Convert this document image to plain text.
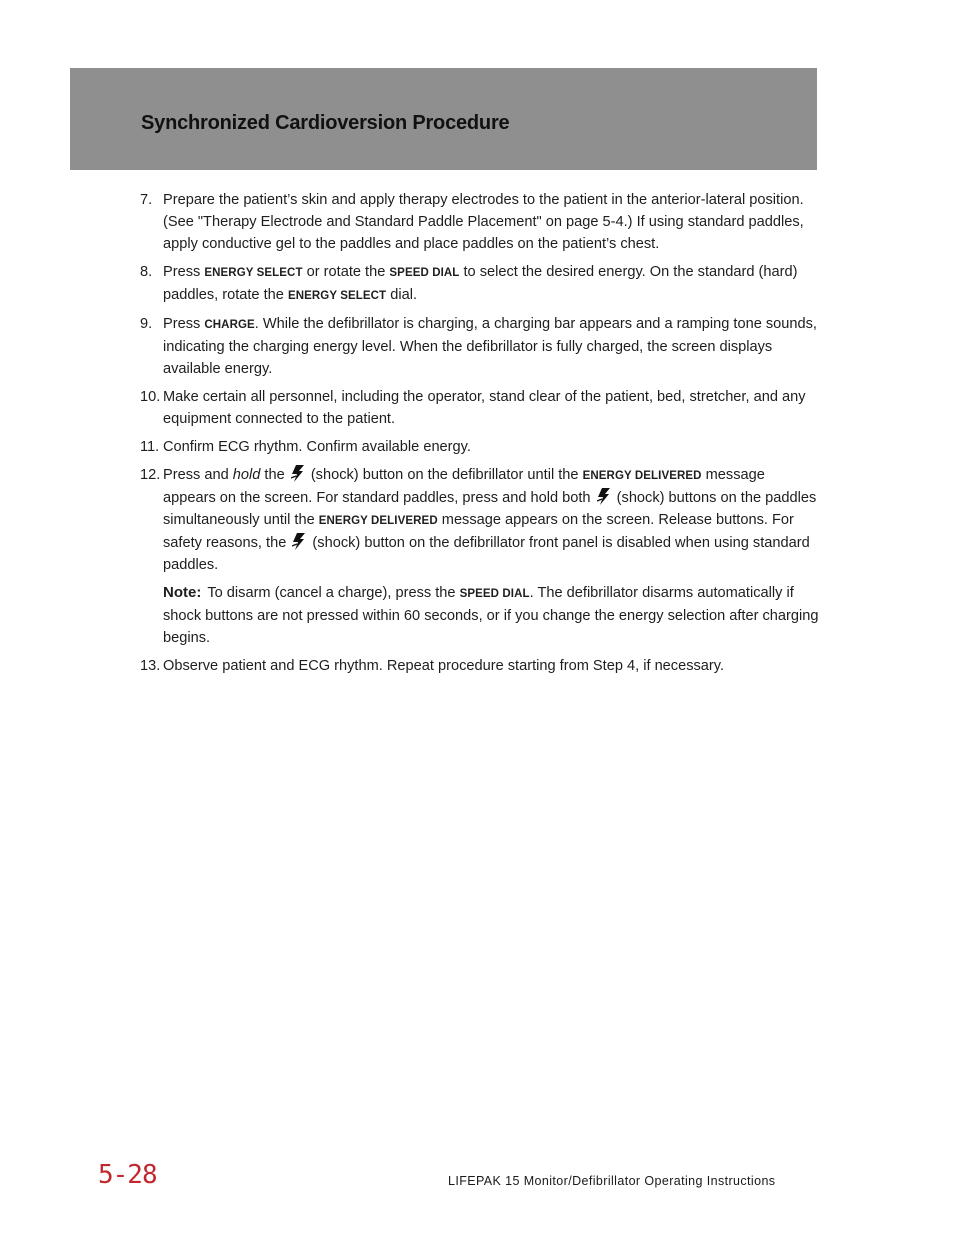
Synchronized Cardioversion Procedure
7. Prepare the patient’s skin and apply therapy electrodes to the patient in the anterior-lateral position. (See "Therapy Electrode and Standard Paddle Placement" on page 5-4.) If using standard paddles, apply conductive gel to the paddles and place paddles on the patient’s chest.
8. Press ENERGY SELECT or rotate the SPEED DIAL to select the desired energy. On the standard (hard) paddles, rotate the ENERGY SELECT dial.
9. Press CHARGE. While the defibrillator is charging, a charging bar appears and a ramping tone sounds, indicating the charging energy level. When the defibrillator is fully charged, the screen displays available energy.
10. Make certain all personnel, including the operator, stand clear of the patient, bed, stretcher, and any equipment connected to the patient.
11. Confirm ECG rhythm. Confirm available energy.
12. Press and hold the  (shock) button on the defibrillator until the ENERGY DELIVERED message appears on the screen. For standard paddles, press and hold both  (shock) buttons on the paddles simultaneously until the ENERGY DELIVERED message appears on the screen. Release buttons. For safety reasons, the  (shock) button on the defibrillator front panel is disabled when using standard paddles.
Note: To disarm (cancel a charge), press the SPEED DIAL. The defibrillator disarms automatically if shock buttons are not pressed within 60 seconds, or if you change the energy selection after charging begins.
13. Observe patient and ECG rhythm. Repeat procedure starting from Step 4, if necessary.
5-28	LIFEPAK 15 Monitor/Defibrillator Operating Instructions
